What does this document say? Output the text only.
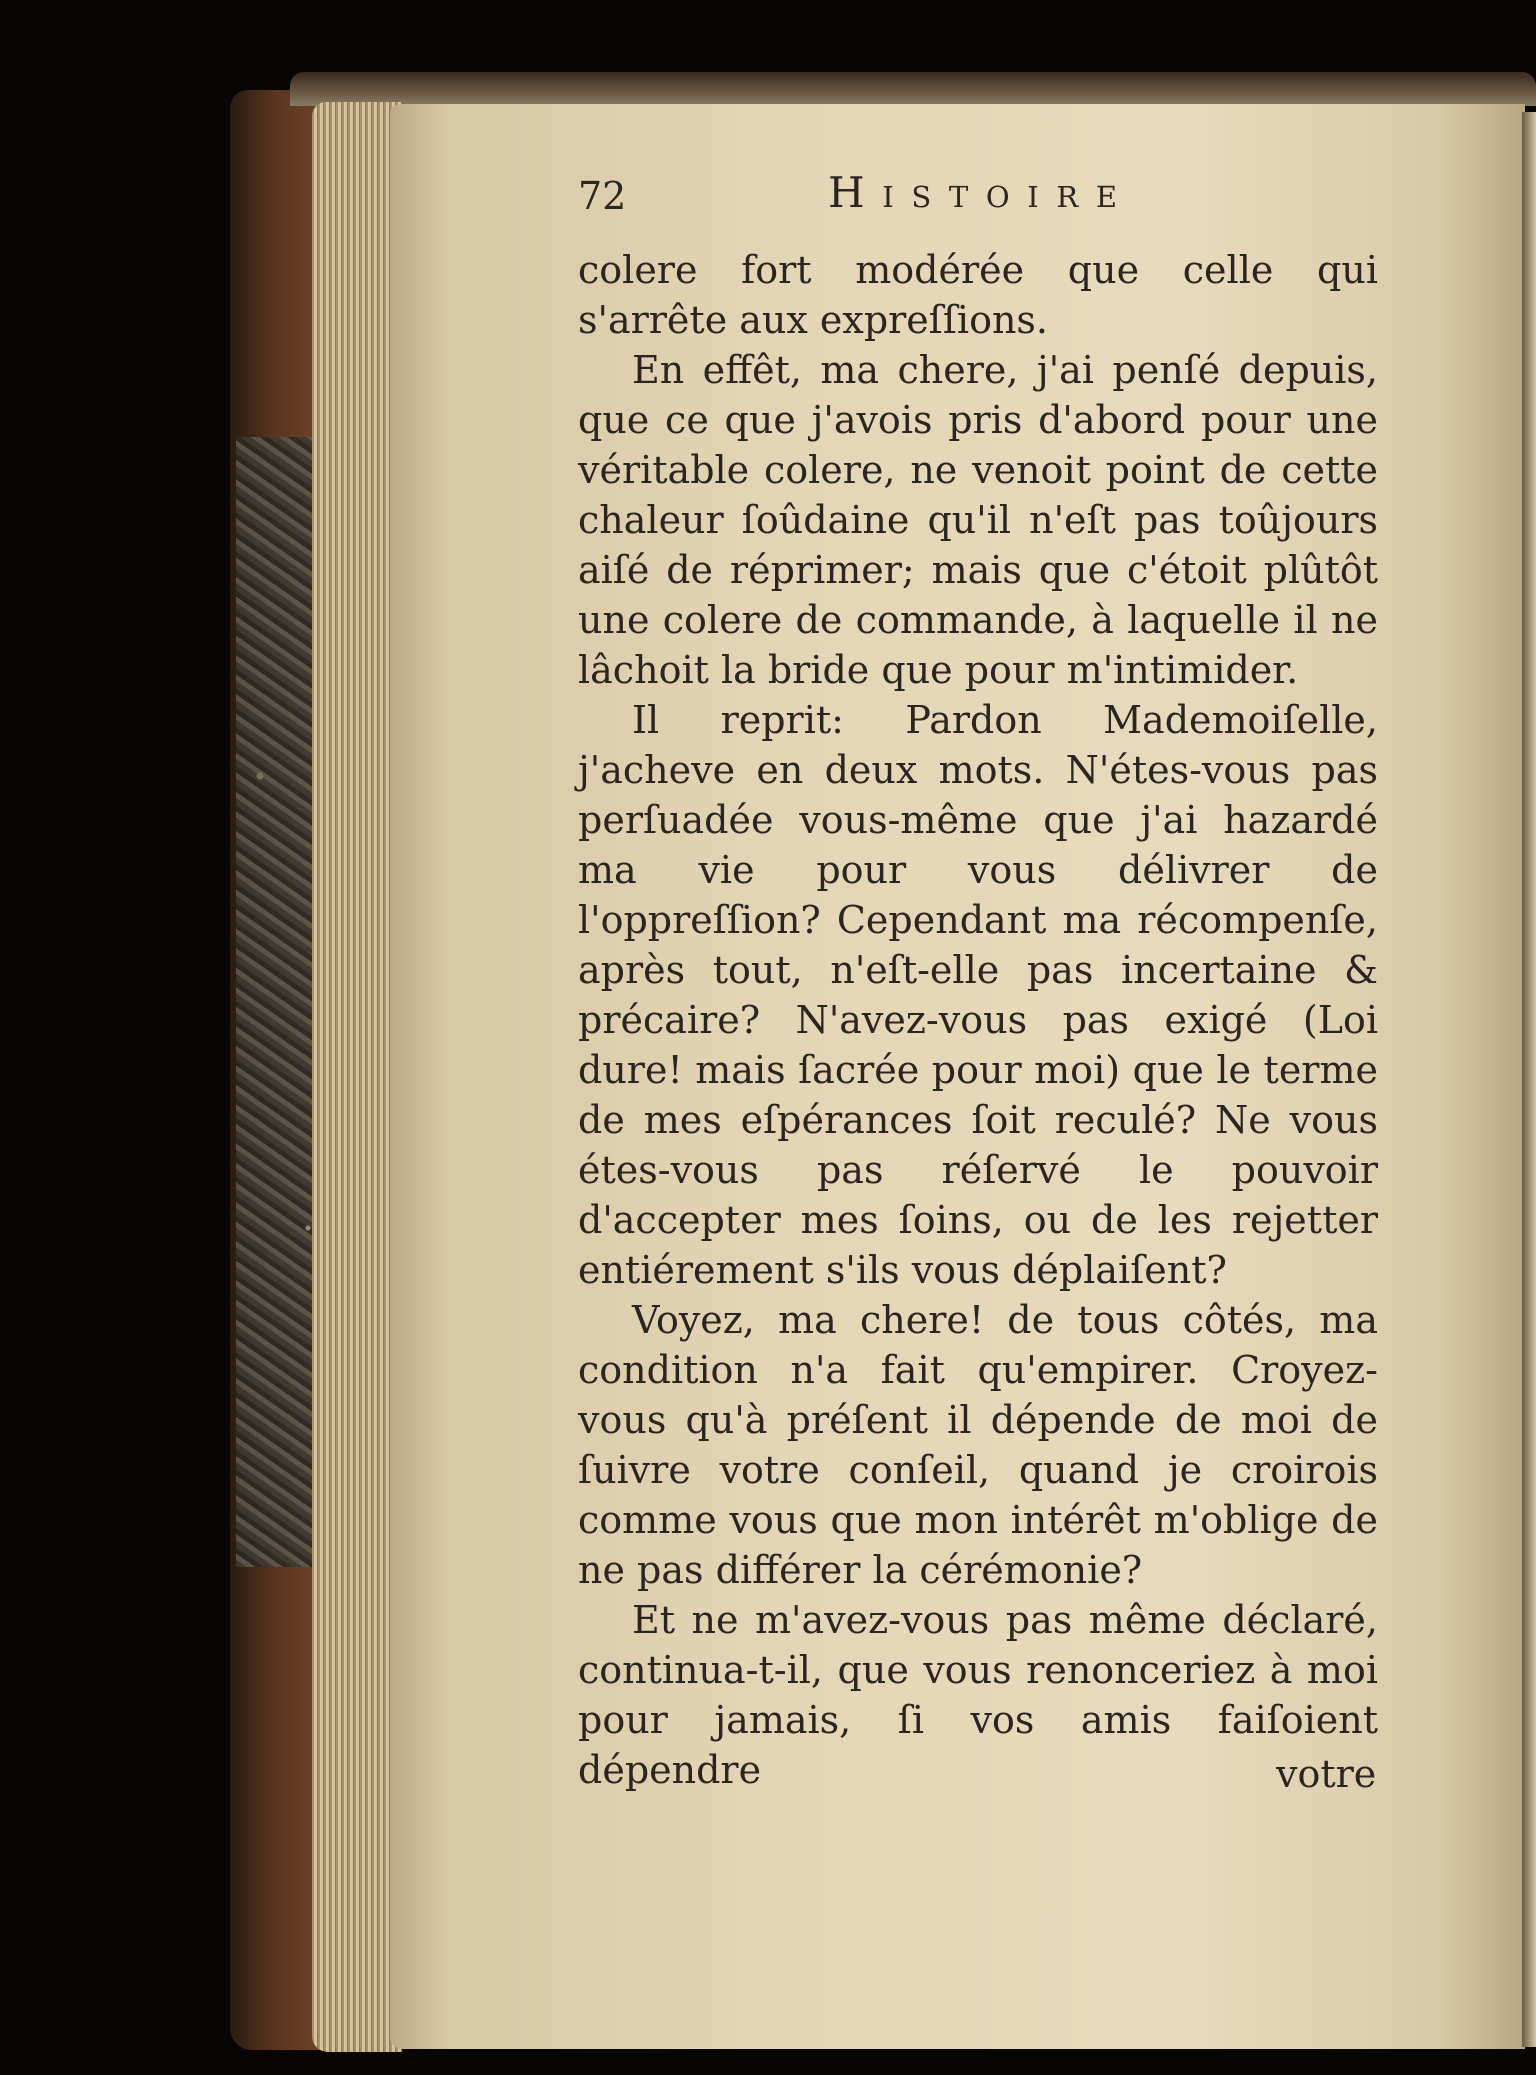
72	Histoire

colere fort modérée que celle qui s'arrête aux expreſſions.

En effêt, ma chere, j'ai penſé depuis, que ce que j'avois pris d'abord pour une véritable colere, ne venoit point de cette chaleur ſoûdaine qu'il n'eſt pas toûjours aiſé de réprimer; mais que c'étoit plûtôt une colere de commande, à laquelle il ne lâchoit la bride que pour m'intimider.

Il reprit: Pardon Mademoiſelle, j'acheve en deux mots. N'étes-vous pas perſuadée vous-même que j'ai hazardé ma vie pour vous délivrer de l'oppreſſion? Cependant ma récompenſe, après tout, n'eſt-elle pas incertaine & précaire? N'avez-vous pas exigé (Loi dure! mais ſacrée pour moi) que le terme de mes eſpérances ſoit reculé? Ne vous étes-vous pas réſervé le pouvoir d'accepter mes ſoins, ou de les rejetter entiérement s'ils vous déplaiſent?

Voyez, ma chere! de tous côtés, ma condition n'a fait qu'empirer. Croyez-vous qu'à préſent il dépende de moi de ſuivre votre conſeil, quand je croirois comme vous que mon intérêt m'oblige de ne pas différer la cérémonie?

Et ne m'avez-vous pas même déclaré, continua-t-il, que vous renonceriez à moi pour jamais, ſi vos amis faiſoient dépendre	votre
